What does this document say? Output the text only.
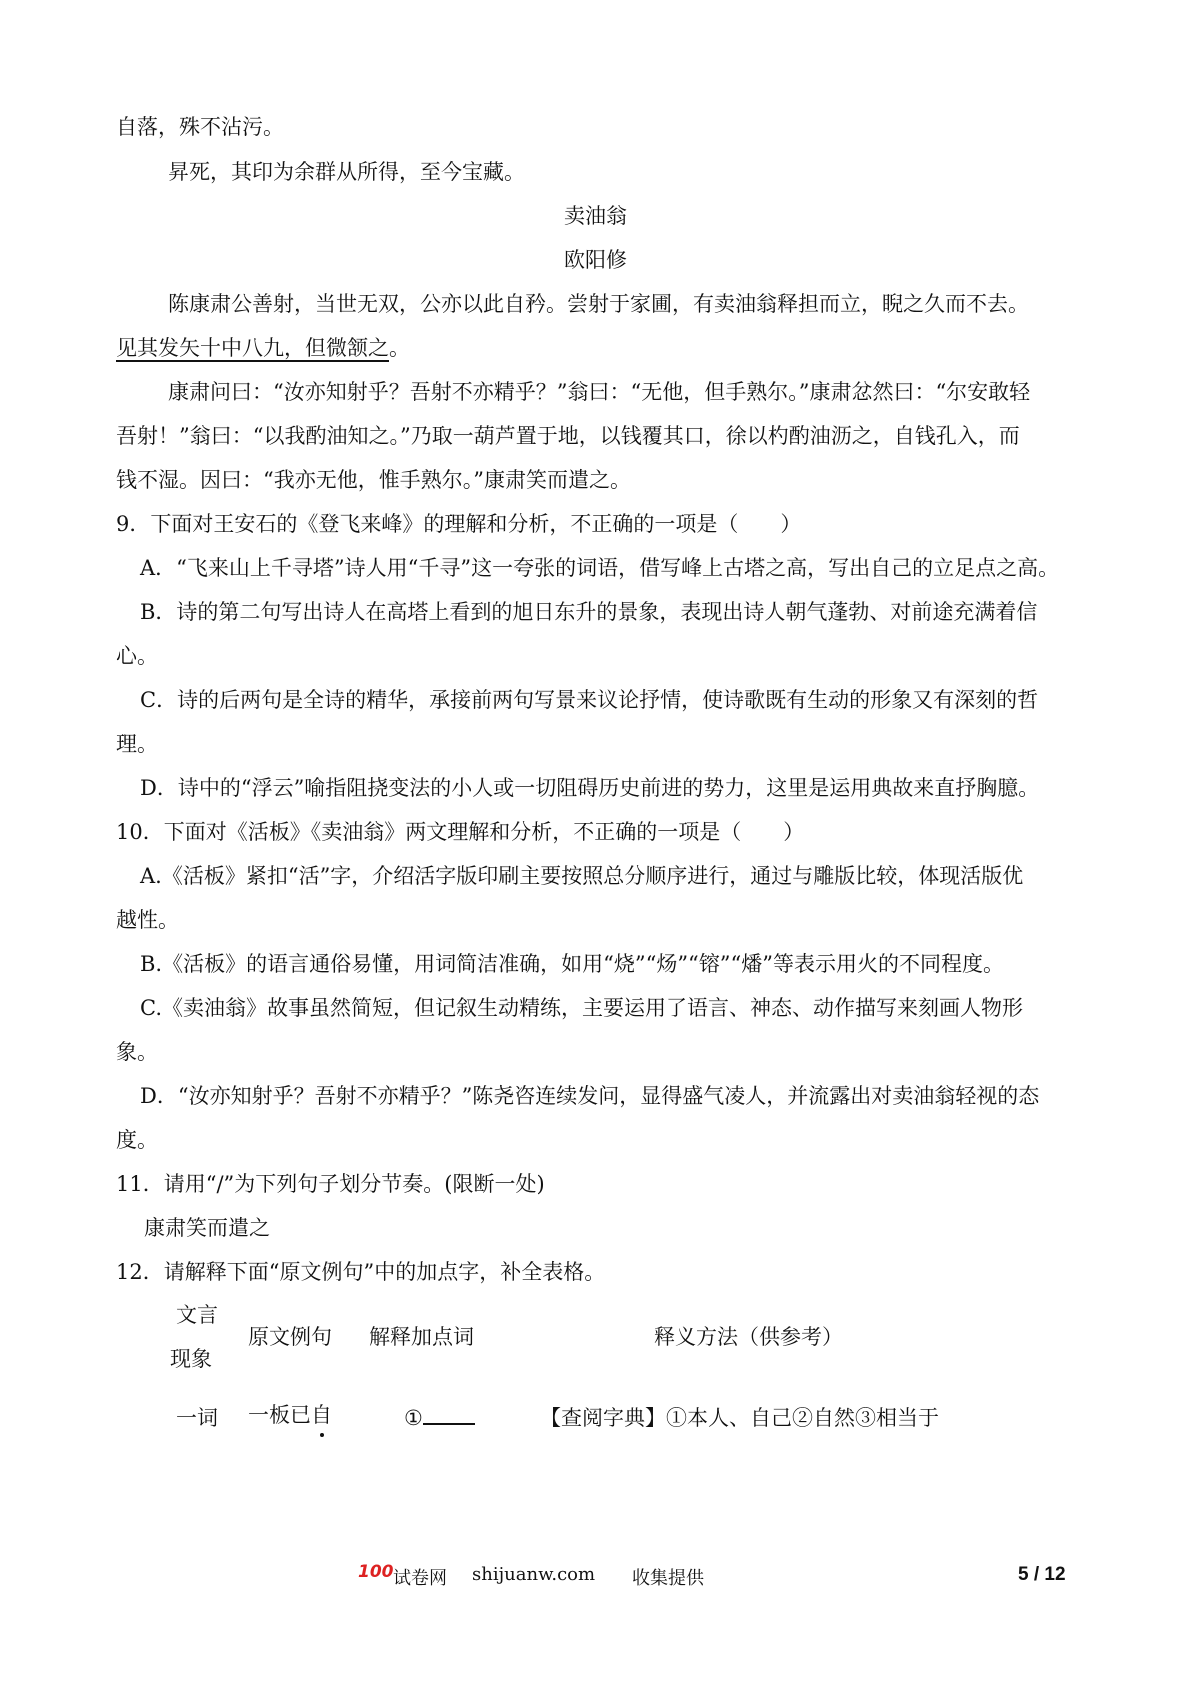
自落，殊不沾污。
昇死，其印为余群从所得，至今宝藏。
卖油翁
欧阳修
陈康肃公善射，当世无双，公亦以此自矜。尝射于家圃，有卖油翁释担而立，睨之久而不去。
见其发矢十中八九，但微颔之。
康肃问曰：“汝亦知射乎？吾射不亦精乎？”翁曰：“无他，但手熟尔。”康肃忿然曰：“尔安敢轻
吾射！”翁曰：“以我酌油知之。”乃取一葫芦置于地，以钱覆其口，徐以杓酌油沥之，自钱孔入，而
钱不湿。因曰：“我亦无他，惟手熟尔。”康肃笑而遣之。
9．下面对王安石的《登飞来峰》的理解和分析，不正确的一项是（　　）
A．“飞来山上千寻塔”诗人用“千寻”这一夸张的词语，借写峰上古塔之高，写出自己的立足点之高。
B．诗的第二句写出诗人在高塔上看到的旭日东升的景象，表现出诗人朝气蓬勃、对前途充满着信
心。
C．诗的后两句是全诗的精华，承接前两句写景来议论抒情，使诗歌既有生动的形象又有深刻的哲
理。
D．诗中的“浮云”喻指阻挠变法的小人或一切阻碍历史前进的势力，这里是运用典故来直抒胸臆。
10．下面对《活板》《卖油翁》两文理解和分析，不正确的一项是（　　）
A.《活板》紧扣“活”字，介绍活字版印刷主要按照总分顺序进行，通过与雕版比较，体现活版优
越性。
B.《活板》的语言通俗易懂，用词简洁准确，如用“烧”“炀”“镕”“燔”等表示用火的不同程度。
C.《卖油翁》故事虽然简短，但记叙生动精练，主要运用了语言、神态、动作描写来刻画人物形
象。
D．“汝亦知射乎？吾射不亦精乎？”陈尧咨连续发问，显得盛气凌人，并流露出对卖油翁轻视的态
度。
11．请用“/”为下列句子划分节奏。(限断一处)
康肃笑而遣之
12．请解释下面“原文例句”中的加点字，补全表格。
文言
现象
原文例句 解释加点词	释义方法（供参考）
一词 一板已自	①	【查阅字典】①本人、自己②自然③相当于
100 试卷网 shijuanw.com 收集提供	5 / 12
